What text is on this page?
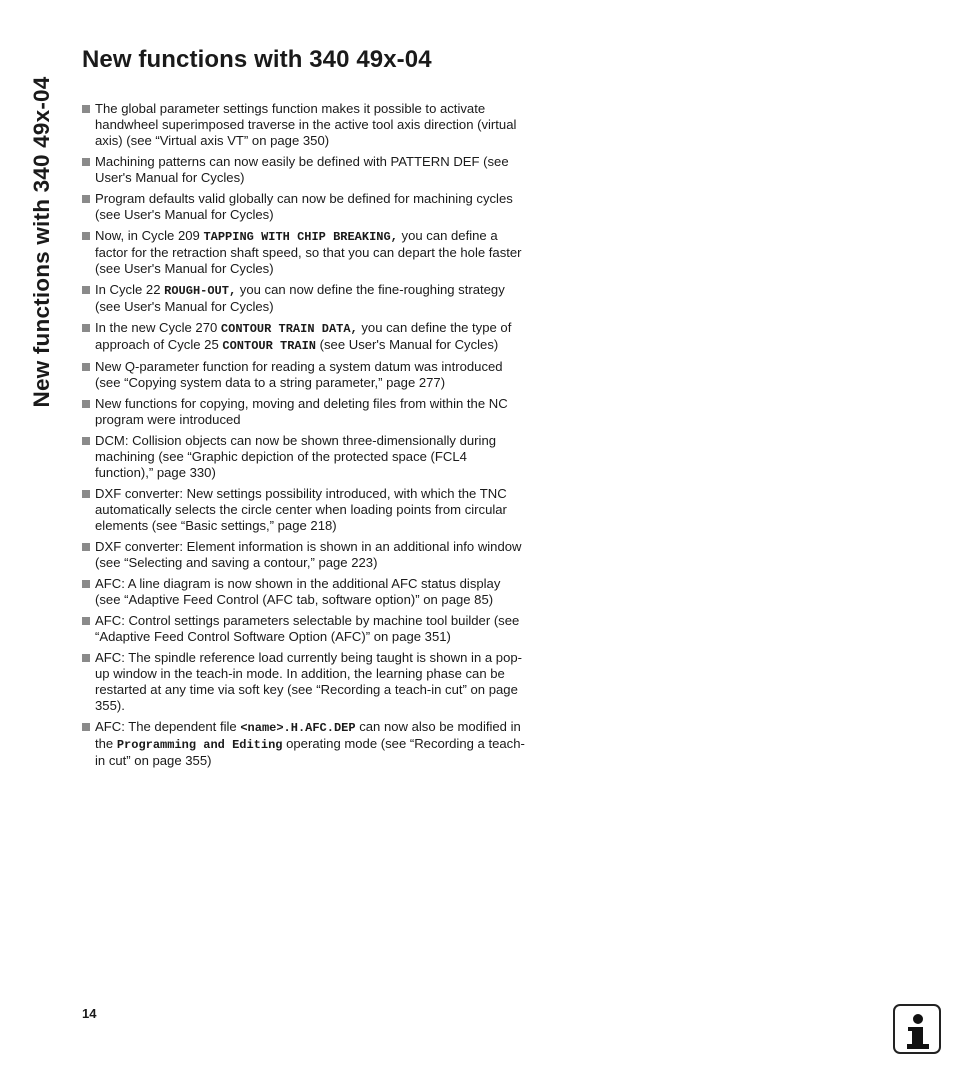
New functions with 340 49x-04
New functions with 340 49x-04
The global parameter settings function makes it possible to activate handwheel superimposed traverse in the active tool axis direction (virtual axis) (see “Virtual axis VT” on page 350)
Machining patterns can now easily be defined with PATTERN DEF (see User's Manual for Cycles)
Program defaults valid globally can now be defined for machining cycles (see User's Manual for Cycles)
Now, in Cycle 209 TAPPING WITH CHIP BREAKING, you can define a factor for the retraction shaft speed, so that you can depart the hole faster (see User's Manual for Cycles)
In Cycle 22 ROUGH-OUT, you can now define the fine-roughing strategy (see User's Manual for Cycles)
In the new Cycle 270 CONTOUR TRAIN DATA, you can define the type of approach of Cycle 25 CONTOUR TRAIN (see User's Manual for Cycles)
New Q-parameter function for reading a system datum was introduced (see “Copying system data to a string parameter,” page 277)
New functions for copying, moving and deleting files from within the NC program were introduced
DCM: Collision objects can now be shown three-dimensionally during machining (see “Graphic depiction of the protected space (FCL4 function),” page 330)
DXF converter: New settings possibility introduced, with which the TNC automatically selects the circle center when loading points from circular elements (see “Basic settings,” page 218)
DXF converter: Element information is shown in an additional info window (see “Selecting and saving a contour,” page 223)
AFC: A line diagram is now shown in the additional AFC status display (see “Adaptive Feed Control (AFC tab, software option)” on page 85)
AFC: Control settings parameters selectable by machine tool builder (see “Adaptive Feed Control Software Option (AFC)” on page 351)
AFC: The spindle reference load currently being taught is shown in a pop-up window in the teach-in mode. In addition, the learning phase can be restarted at any time via soft key (see “Recording a teach-in cut” on page 355).
AFC: The dependent file <name>.H.AFC.DEP can now also be modified in the Programming and Editing operating mode (see “Recording a teach-in cut” on page 355)
14
